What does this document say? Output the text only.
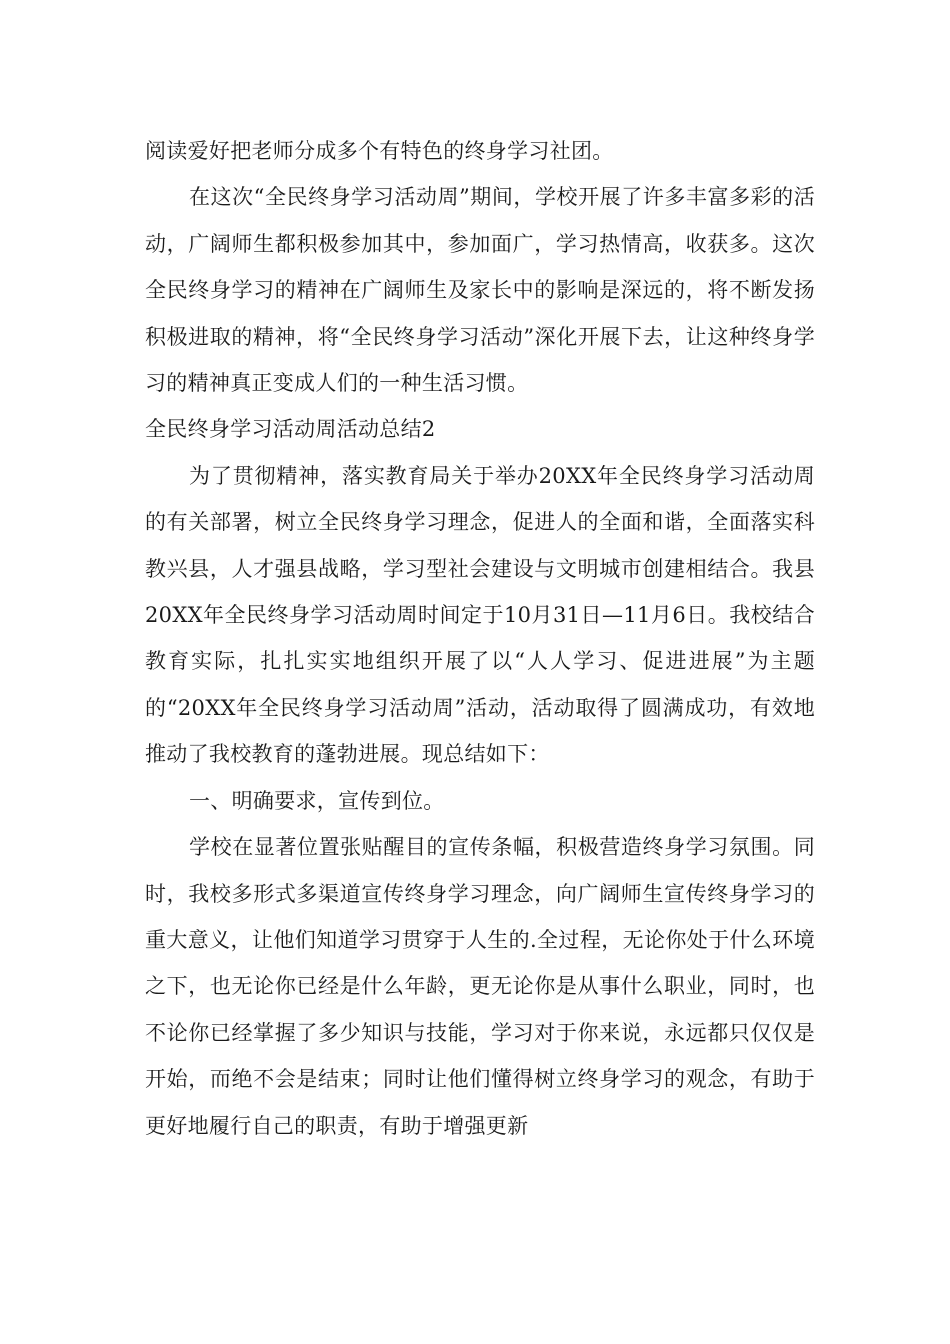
阅读爱好把老师分成多个有特色的终身学习社团。

在这次“全民终身学习活动周”期间，学校开展了许多丰富多彩的活动，广阔师生都积极参加其中，参加面广，学习热情高，收获多。这次全民终身学习的精神在广阔师生及家长中的影响是深远的，将不断发扬积极进取的精神，将“全民终身学习活动”深化开展下去，让这种终身学习的精神真正变成人们的一种生活习惯。

全民终身学习活动周活动总结2

为了贯彻精神，落实教育局关于举办20XX年全民终身学习活动周的有关部署，树立全民终身学习理念，促进人的全面和谐，全面落实科教兴县，人才强县战略，学习型社会建设与文明城市创建相结合。我县20XX年全民终身学习活动周时间定于10月31日—11月6日。我校结合教育实际，扎扎实实地组织开展了以“人人学习、促进进展”为主题的“20XX年全民终身学习活动周”活动，活动取得了圆满成功，有效地推动了我校教育的蓬勃进展。现总结如下：

一、明确要求，宣传到位。

学校在显著位置张贴醒目的宣传条幅，积极营造终身学习氛围。同时，我校多形式多渠道宣传终身学习理念，向广阔师生宣传终身学习的重大意义，让他们知道学习贯穿于人生的.全过程，无论你处于什么环境之下，也无论你已经是什么年龄，更无论你是从事什么职业，同时，也不论你已经掌握了多少知识与技能，学习对于你来说，永远都只仅仅是开始，而绝不会是结束；同时让他们懂得树立终身学习的观念，有助于更好地履行自己的职责，有助于增强更新
